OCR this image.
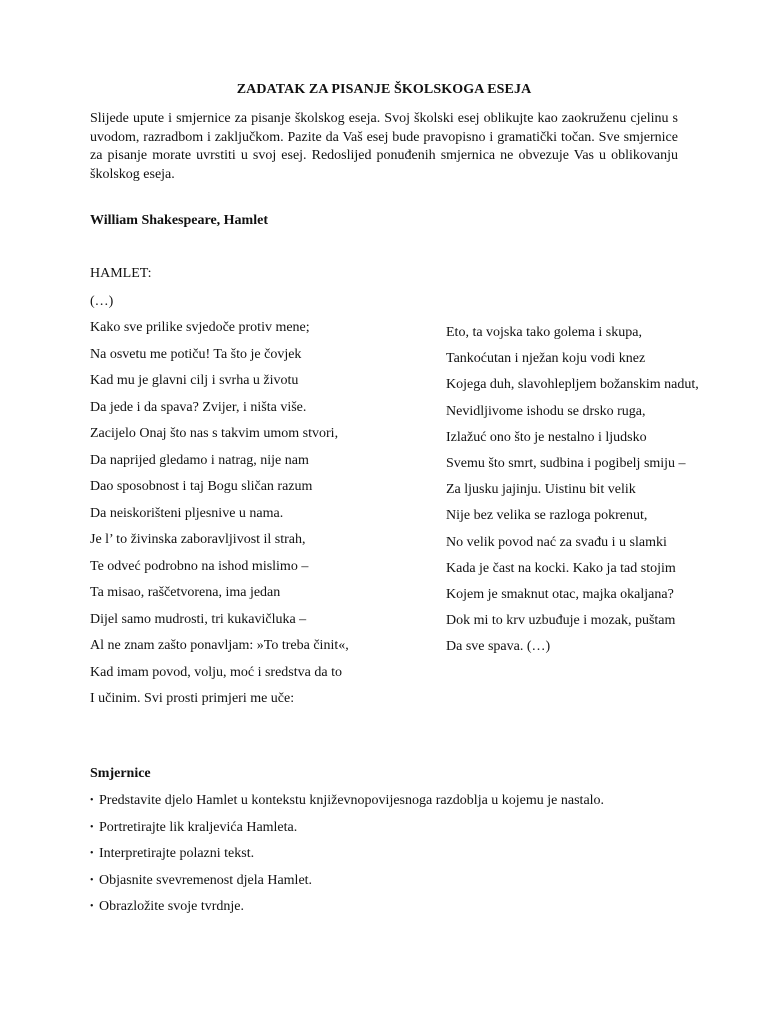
ZADATAK ZA PISANJE ŠKOLSKOGA ESEJA
Slijede upute i smjernice za pisanje školskog eseja. Svoj školski esej oblikujte kao zaokruženu cjelinu s uvodom, razradbom i zaključkom. Pazite da Vaš esej bude pravopisno i gramatički točan. Sve smjernice za pisanje morate uvrstiti u svoj esej. Redoslijed ponuđenih smjernica ne obvezuje Vas u oblikovanju školskog eseja.
William Shakespeare, Hamlet
HAMLET:
(…)
Kako sve prilike svjedoče protiv mene;
Na osvetu me potiču! Ta što je čovjek
Kad mu je glavni cilj i svrha u životu
Da jede i da spava? Zvijer, i ništa više.
Zacijelo Onaj što nas s takvim umom stvori,
Da naprijed gledamo i natrag, nije nam
Dao sposobnost i taj Bogu sličan razum
Da neiskorišteni pljesnive u nama.
Je l’ to živinska zaboravljivost il strah,
Te odveć podrobno na ishod mislimo –
Ta misao, raščetvorena, ima jedan
Dijel samo mudrosti, tri kukavičluka –
Al ne znam zašto ponavljam: »To treba činit«,
Kad imam povod, volju, moć i sredstva da to
I učinim. Svi prosti primjeri me uče:
Eto, ta vojska tako golema i skupa,
Tankoćutan i nježan koju vodi knez
Kojega duh, slavohlepljem božanskim nadut,
Nevidljivome ishodu se drsko ruga,
Izlažuć ono što je nestalno i ljudsko
Svemu što smrt, sudbina i pogibelj smiju –
Za ljusku jajinju. Uistinu bit velik
Nije bez velika se razloga pokrenut,
No velik povod nać za svađu i u slamki
Kada je čast na kocki. Kako ja tad stojim
Kojem je smaknut otac, majka okaljana?
Dok mi to krv uzbuđuje i mozak, puštam
Da sve spava. (…)
Smjernice
• Predstavite djelo Hamlet u kontekstu književnopovijesnoga razdoblja u kojemu je nastalo.
• Portretirajte lik kraljevića Hamleta.
• Interpretirajte polazni tekst.
• Objasnite svevremenost djela Hamlet.
• Obrazložite svoje tvrdnje.
